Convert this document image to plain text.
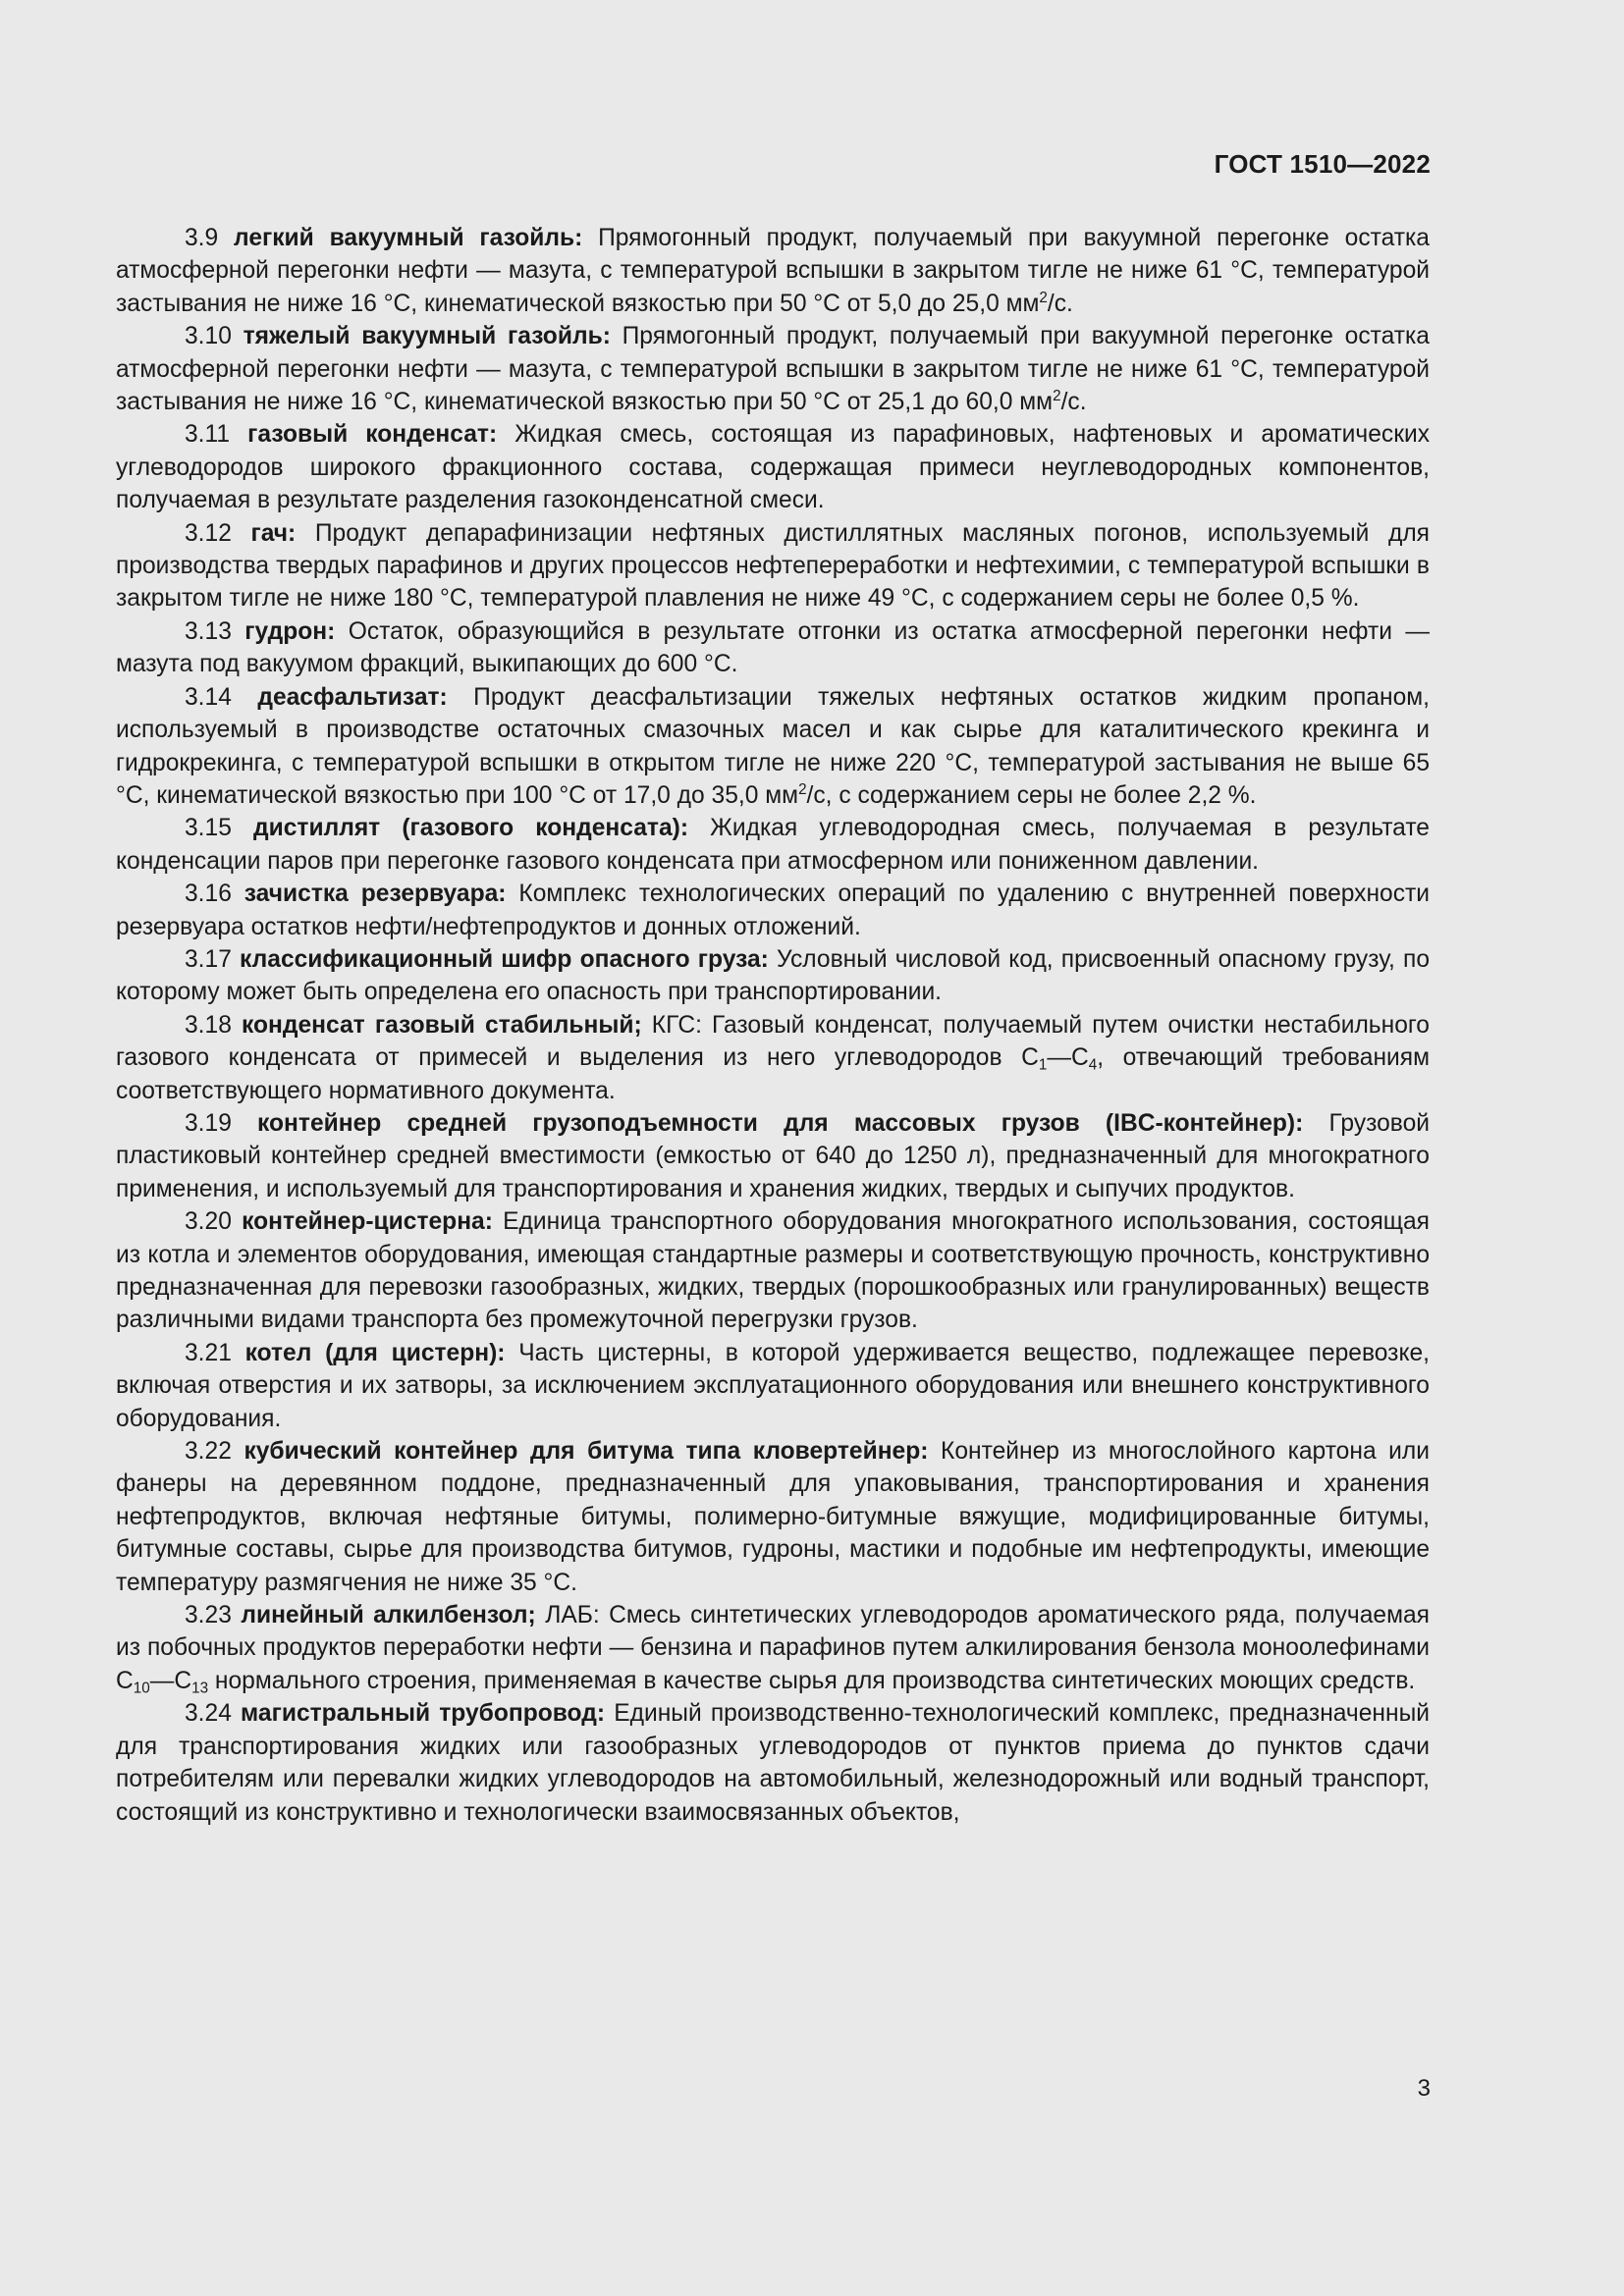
ГОСТ 1510—2022

3.9 легкий вакуумный газойль: Прямогонный продукт, получаемый при вакуумной перегонке остатка атмосферной перегонки нефти — мазута, с температурой вспышки в закрытом тигле не ниже 61 °С, температурой застывания не ниже 16 °С, кинематической вязкостью при 50 °С от 5,0 до 25,0 $мм^2/с$.

3.10 тяжелый вакуумный газойль: Прямогонный продукт, получаемый при вакуумной перегонке остатка атмосферной перегонки нефти — мазута, с температурой вспышки в закрытом тигле не ниже 61 °С, температурой застывания не ниже 16 °С, кинематической вязкостью при 50 °С от 25,1 до 60,0 $мм^2/с$.

3.11 газовый конденсат: Жидкая смесь, состоящая из парафиновых, нафтеновых и ароматических углеводородов широкого фракционного состава, содержащая примеси неуглеводородных компонентов, получаемая в результате разделения газоконденсатной смеси.

3.12 гач: Продукт депарафинизации нефтяных дистиллятных масляных погонов, используемый для производства твердых парафинов и других процессов нефтепереработки и нефтехимии, с температурой вспышки в закрытом тигле не ниже 180 °С, температурой плавления не ниже 49 °С, с содержанием серы не более 0,5 %.

3.13 гудрон: Остаток, образующийся в результате отгонки из остатка атмосферной перегонки нефти — мазута под вакуумом фракций, выкипающих до 600 °С.

3.14 деасфальтизат: Продукт деасфальтизации тяжелых нефтяных остатков жидким пропаном, используемый в производстве остаточных смазочных масел и как сырье для каталитического крекинга и гидрокрекинга, с температурой вспышки в открытом тигле не ниже 220 °С, температурой застывания не выше 65 °С, кинематической вязкостью при 100 °С от 17,0 до 35,0 $мм^2/с$, с содержанием серы не более 2,2 %.

3.15 дистиллят (газового конденсата): Жидкая углеводородная смесь, получаемая в результате конденсации паров при перегонке газового конденсата при атмосферном или пониженном давлении.

3.16 зачистка резервуара: Комплекс технологических операций по удалению с внутренней поверхности резервуара остатков нефти/нефтепродуктов и донных отложений.

3.17 классификационный шифр опасного груза: Условный числовой код, присвоенный опасному грузу, по которому может быть определена его опасность при транспортировании.

3.18 конденсат газовый стабильный; КГС: Газовый конденсат, получаемый путем очистки нестабильного газового конденсата от примесей и выделения из него углеводородов $С_1—С_4$, отвечающий требованиям соответствующего нормативного документа.

3.19 контейнер средней грузоподъемности для массовых грузов (IBC-контейнер): Грузовой пластиковый контейнер средней вместимости (емкостью от 640 до 1250 л), предназначенный для многократного применения, и используемый для транспортирования и хранения жидких, твердых и сыпучих продуктов.

3.20 контейнер-цистерна: Единица транспортного оборудования многократного использования, состоящая из котла и элементов оборудования, имеющая стандартные размеры и соответствующую прочность, конструктивно предназначенная для перевозки газообразных, жидких, твердых (порошкообразных или гранулированных) веществ различными видами транспорта без промежуточной перегрузки грузов.

3.21 котел (для цистерн): Часть цистерны, в которой удерживается вещество, подлежащее перевозке, включая отверстия и их затворы, за исключением эксплуатационного оборудования или внешнего конструктивного оборудования.

3.22 кубический контейнер для битума типа кловертейнер: Контейнер из многослойного картона или фанеры на деревянном поддоне, предназначенный для упаковывания, транспортирования и хранения нефтепродуктов, включая нефтяные битумы, полимерно-битумные вяжущие, модифицированные битумы, битумные составы, сырье для производства битумов, гудроны, мастики и подобные им нефтепродукты, имеющие температуру размягчения не ниже 35 °С.

3.23 линейный алкилбензол; ЛАБ: Смесь синтетических углеводородов ароматического ряда, получаемая из побочных продуктов переработки нефти — бензина и парафинов путем алкилирования бензола моноолефинами $С_{10}—С_{13}$ нормального строения, применяемая в качестве сырья для производства синтетических моющих средств.

3.24 магистральный трубопровод: Единый производственно-технологический комплекс, предназначенный для транспортирования жидких или газообразных углеводородов от пунктов приема до пунктов сдачи потребителям или перевалки жидких углеводородов на автомобильный, железнодорожный или водный транспорт, состоящий из конструктивно и технологически взаимосвязанных объектов,

3
